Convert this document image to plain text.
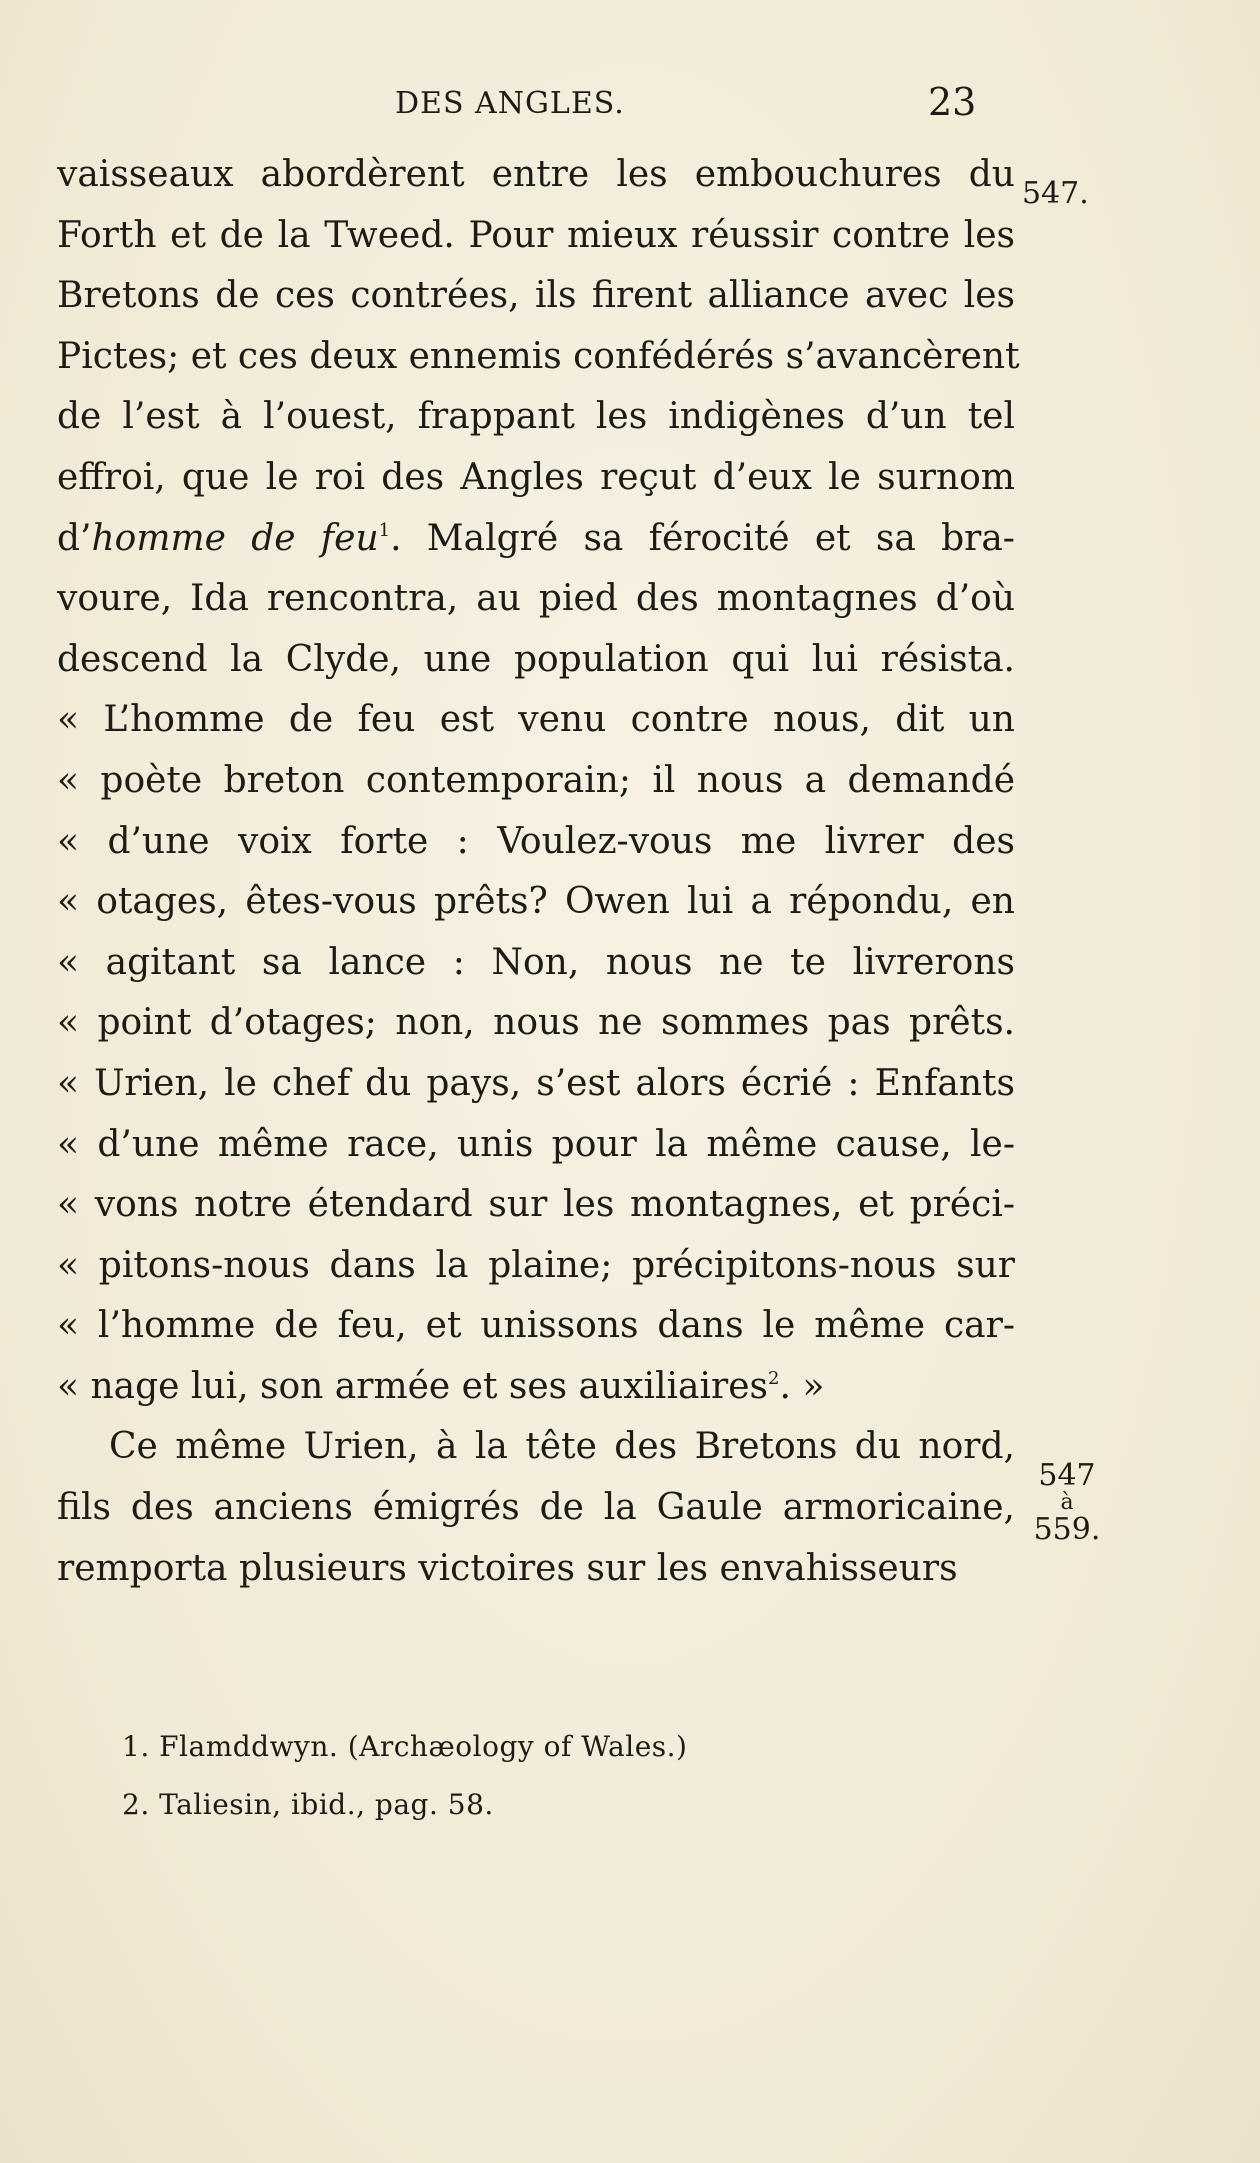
DES ANGLES.	23
547.
547
à
559.
vaisseaux abordèrent entre les embouchures du
Forth et de la Tweed. Pour mieux réussir contre les
Bretons de ces contrées, ils firent alliance avec les
Pictes; et ces deux ennemis confédérés s’avancèrent
de l’est à l’ouest, frappant les indigènes d’un tel
effroi, que le roi des Angles reçut d’eux le surnom
d’homme de feu$^1$. Malgré sa férocité et sa bra-
voure, Ida rencontra, au pied des montagnes d’où
descend la Clyde, une population qui lui résista.
« L’homme de feu est venu contre nous, dit un
« poète breton contemporain; il nous a demandé
« d’une voix forte : Voulez-vous me livrer des
« otages, êtes-vous prêts? Owen lui a répondu, en
« agitant sa lance : Non, nous ne te livrerons
« point d’otages; non, nous ne sommes pas prêts.
« Urien, le chef du pays, s’est alors écrié : Enfants
« d’une même race, unis pour la même cause, le-
« vons notre étendard sur les montagnes, et préci-
« pitons-nous dans la plaine; précipitons-nous sur
« l’homme de feu, et unissons dans le même car-
« nage lui, son armée et ses auxiliaires$^2$. »
Ce même Urien, à la tête des Bretons du nord,
fils des anciens émigrés de la Gaule armoricaine,
remporta plusieurs victoires sur les envahisseurs
1. Flamddwyn. (Archæology of Wales.)
2. Taliesin, ibid., pag. 58.
